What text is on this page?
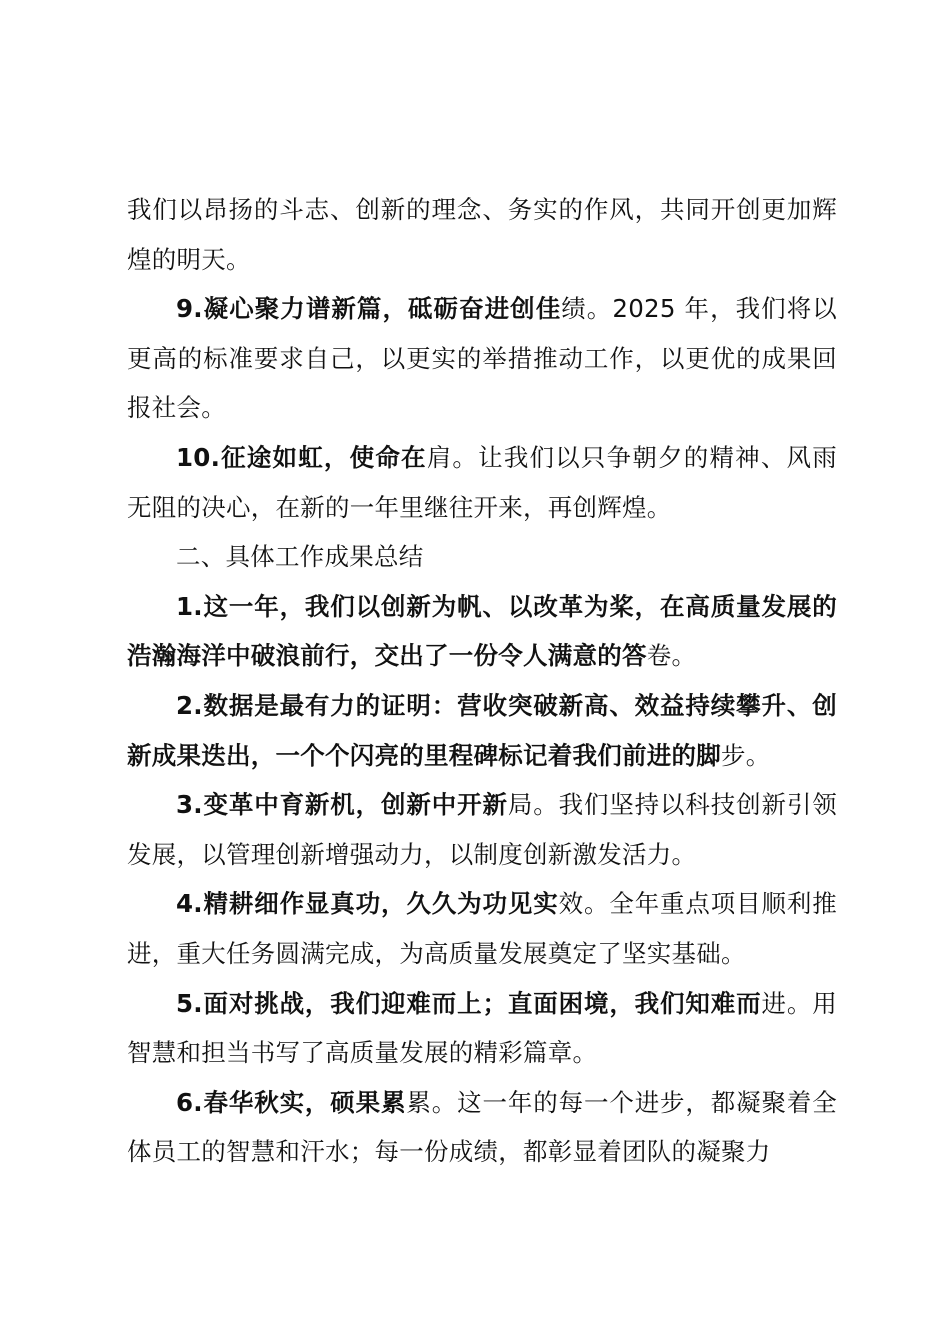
我们以昂扬的斗志、创新的理念、务实的作风，共同开创更加辉煌的明天。

9.凝心聚力谱新篇，砥砺奋进创佳绩。2025 年，我们将以更高的标准要求自己，以更实的举措推动工作，以更优的成果回报社会。

10.征途如虹，使命在肩。让我们以只争朝夕的精神、风雨无阻的决心，在新的一年里继往开来，再创辉煌。

二、具体工作成果总结

1.这一年，我们以创新为帆、以改革为桨，在高质量发展的浩瀚海洋中破浪前行，交出了一份令人满意的答卷。

2.数据是最有力的证明：营收突破新高、效益持续攀升、创新成果迭出，一个个闪亮的里程碑标记着我们前进的脚步。

3.变革中育新机，创新中开新局。我们坚持以科技创新引领发展，以管理创新增强动力，以制度创新激发活力。

4.精耕细作显真功，久久为功见实效。全年重点项目顺利推进，重大任务圆满完成，为高质量发展奠定了坚实基础。

5.面对挑战，我们迎难而上；直面困境，我们知难而进。用智慧和担当书写了高质量发展的精彩篇章。

6.春华秋实，硕果累累。这一年的每一个进步，都凝聚着全体员工的智慧和汗水；每一份成绩，都彰显着团队的凝聚力
